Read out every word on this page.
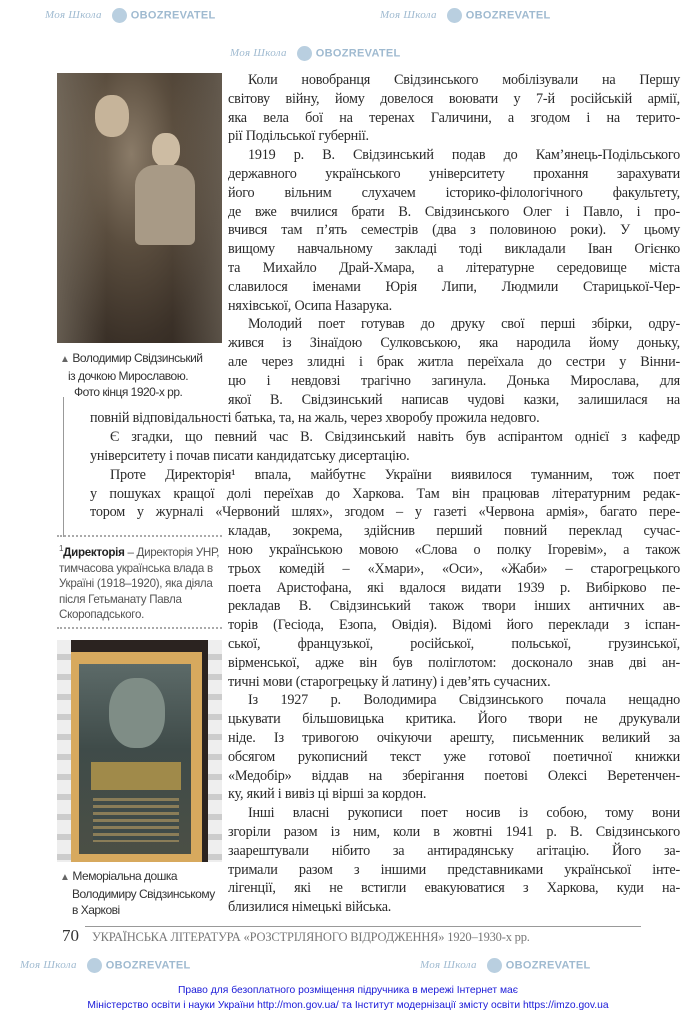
Моя Школа	OBOZREVATEL	Моя Школа	OBOZREVATEL
Моя Школа	OBOZREVATEL
Моя Школа	OBOZREVATEL	Моя Школа	OBOZREVATEL
▲ Володимир Свідзинський
із дочкою Мирославою.
Фото кінця 1920-х рр.
$^1$Директорія – Директорія УНР, тимчасова українська влада в Україні (1918–1920), яка діяла після Гетьманату Павла Скоропадського.
▲ Меморіальна дошка
Володимиру Свідзинському
в Харкові
Коли новобранця Свідзинського мобілізували на Першу
світову війну, йому довелося воювати у 7-й російській армії,
яка вела бої на теренах Галичини, а згодом і на терито-
рії Подільської губернії.
1919 р. В. Свідзинський подав до Кам’янець-Подільського
державного українського університету прохання зарахувати
його вільним слухачем історико-філологічного факультету,
де вже вчилися брати В. Свідзинського Олег і Павло, і про-
вчився там п’ять семестрів (два з половиною роки). У цьому
вищому навчальному закладі тоді викладали Іван Огієнко
та Михайло Драй-Хмара, а літературне середовище міста
славилося іменами Юрія Липи, Людмили Старицької-Чер-
няхівської, Осипа Назарука.
Молодий поет готував до друку свої перші збірки, одру-
жився із Зінаїдою Сулковською, яка народила йому доньку,
але через злидні і брак житла переїхала до сестри у Вінни-
цю і невдовзі трагічно загинула. Донька Мирослава, для
якої В. Свідзинський написав чудові казки, залишилася на
повній відповідальності батька, та, на жаль, через хворобу прожила недовго.
Є згадки, що певний час В. Свідзинський навіть був аспірантом однієї з кафедр
університету і почав писати кандидатську дисертацію.
Проте Директорія¹ впала, майбутнє України виявилося туманним, тож поет
у пошуках кращої долі переїхав до Харкова. Там він працював літературним редак-
тором у журналі «Червоний шлях», згодом – у газеті «Червона армія», багато пере-
кладав, зокрема, здійснив перший повний переклад сучас-
ною українською мовою «Слова о полку Ігоревім», а також
трьох комедій – «Хмари», «Оси», «Жаби» – старогрецького
поета Аристофана, які вдалося видати 1939 р. Вибірково пе-
рекладав В. Свідзинський також твори інших античних ав-
торів (Гесіода, Езопа, Овідія). Відомі його переклади з іспан-
ської, французької, російської, польської, грузинської,
вірменської, адже він був поліглотом: досконало знав дві ан-
тичні мови (старогрецьку й латину) і дев’ять сучасних.
Із 1927 р. Володимира Свідзинського почала нещадно
цькувати більшовицька критика. Його твори не друкували
ніде. Із тривогою очікуючи арешту, письменник великий за
обсягом рукописний текст уже готової поетичної книжки
«Медобір» віддав на зберігання поетові Олексі Веретенчен-
ку, який і вивіз ці вірші за кордон.
Інші власні рукописи поет носив із собою, тому вони
згоріли разом із ним, коли в жовтні 1941 р. В. Свідзинського
заарештували нібито за антирадянську агітацію. Його за-
тримали разом з іншими представниками української інте-
лігенції, які не встигли евакуюватися з Харкова, куди на-
близилися німецькі війська.
70 УКРАЇНСЬКА ЛІТЕРАТУРА «РОЗСТРІЛЯНОГО ВІДРОДЖЕННЯ» 1920–1930-х рр.
Право для безоплатного розміщення підручника в мережі Інтернет має
Міністерство освіти і науки України http://mon.gov.ua/ та Інститут модернізації змісту освіти https://imzo.gov.ua
